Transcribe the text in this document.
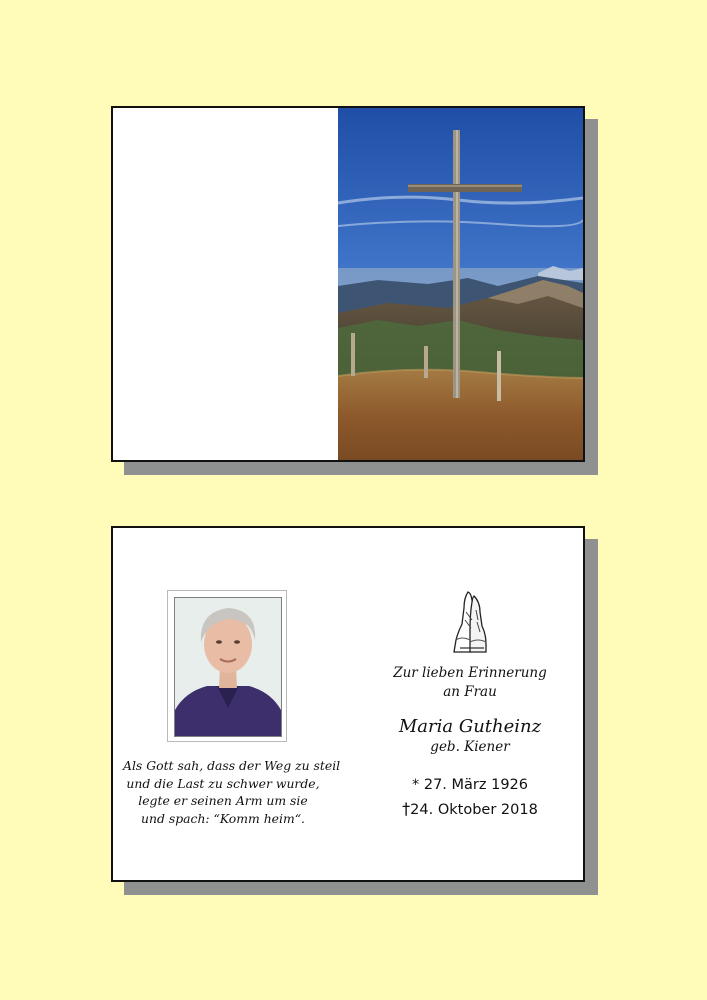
Als Gott sah, dass der Weg zu steil
und die Last zu schwer wurde,
legte er seinen Arm um sie
und spach: “Komm heim“.
Zur lieben Erinnerung
an Frau
Maria Gutheinz
geb. Kiener
* 27. März 1926
†24. Oktober 2018
